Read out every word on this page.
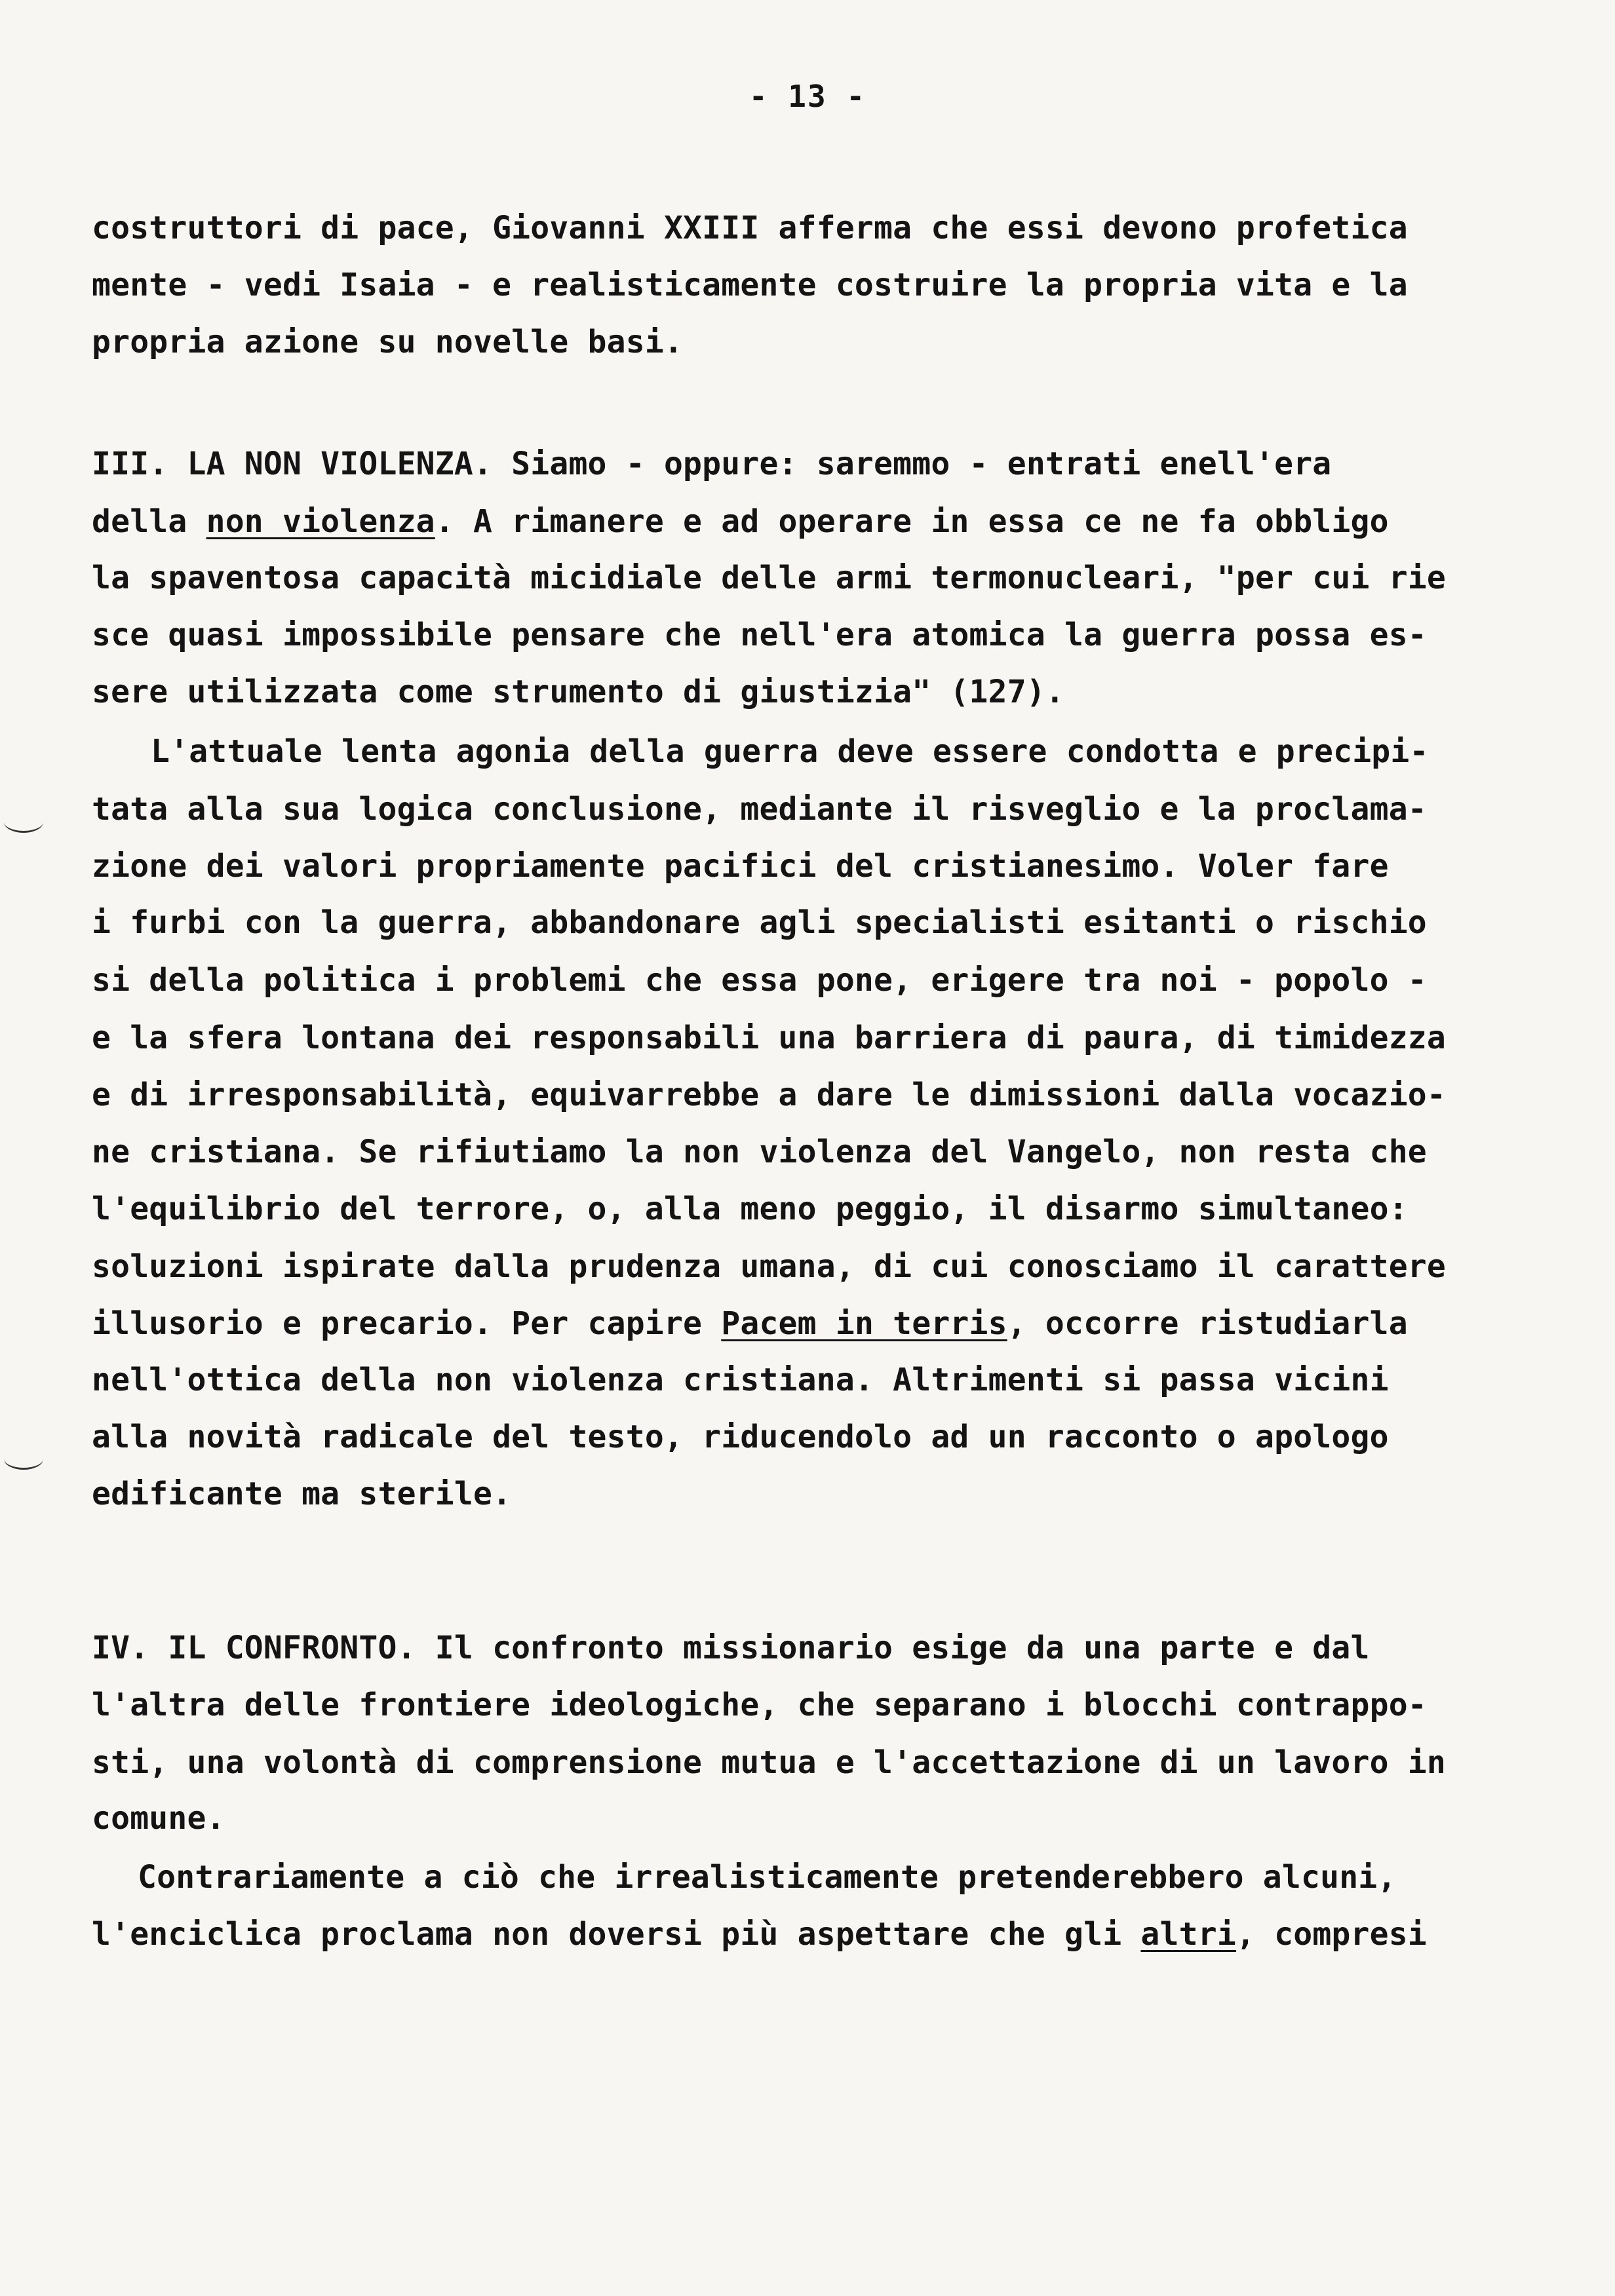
- 13 -
costruttori di pace, Giovanni XXIII afferma che essi devono profetica
mente - vedi Isaia - e realisticamente costruire la propria vita e la
propria azione su novelle basi.
III. LA NON VIOLENZA. Siamo - oppure: saremmo - entrati enell'era
della non violenza. A rimanere e ad operare in essa ce ne fa obbligo
la spaventosa capacità micidiale delle armi termonucleari, "per cui rie
sce quasi impossibile pensare che nell'era atomica la guerra possa es-
sere utilizzata come strumento di giustizia" (127).
L'attuale lenta agonia della guerra deve essere condotta e precipi-
tata alla sua logica conclusione, mediante il risveglio e la proclama-
zione dei valori propriamente pacifici del cristianesimo. Voler fare
i furbi con la guerra, abbandonare agli specialisti esitanti o rischio
si della politica i problemi che essa pone, erigere tra noi - popolo -
e la sfera lontana dei responsabili una barriera di paura, di timidezza
e di irresponsabilità, equivarrebbe a dare le dimissioni dalla vocazio-
ne cristiana. Se rifiutiamo la non violenza del Vangelo, non resta che
l'equilibrio del terrore, o, alla meno peggio, il disarmo simultaneo:
soluzioni ispirate dalla prudenza umana, di cui conosciamo il carattere
illusorio e precario. Per capire Pacem in terris, occorre ristudiarla
nell'ottica della non violenza cristiana. Altrimenti si passa vicini
alla novità radicale del testo, riducendolo ad un racconto o apologo
edificante ma sterile.
IV. IL CONFRONTO. Il confronto missionario esige da una parte e dal
l'altra delle frontiere ideologiche, che separano i blocchi contrappo-
sti, una volontà di comprensione mutua e l'accettazione di un lavoro in
comune.
Contrariamente a ciò che irrealisticamente pretenderebbero alcuni,
l'enciclica proclama non doversi più aspettare che gli altri, compresi
